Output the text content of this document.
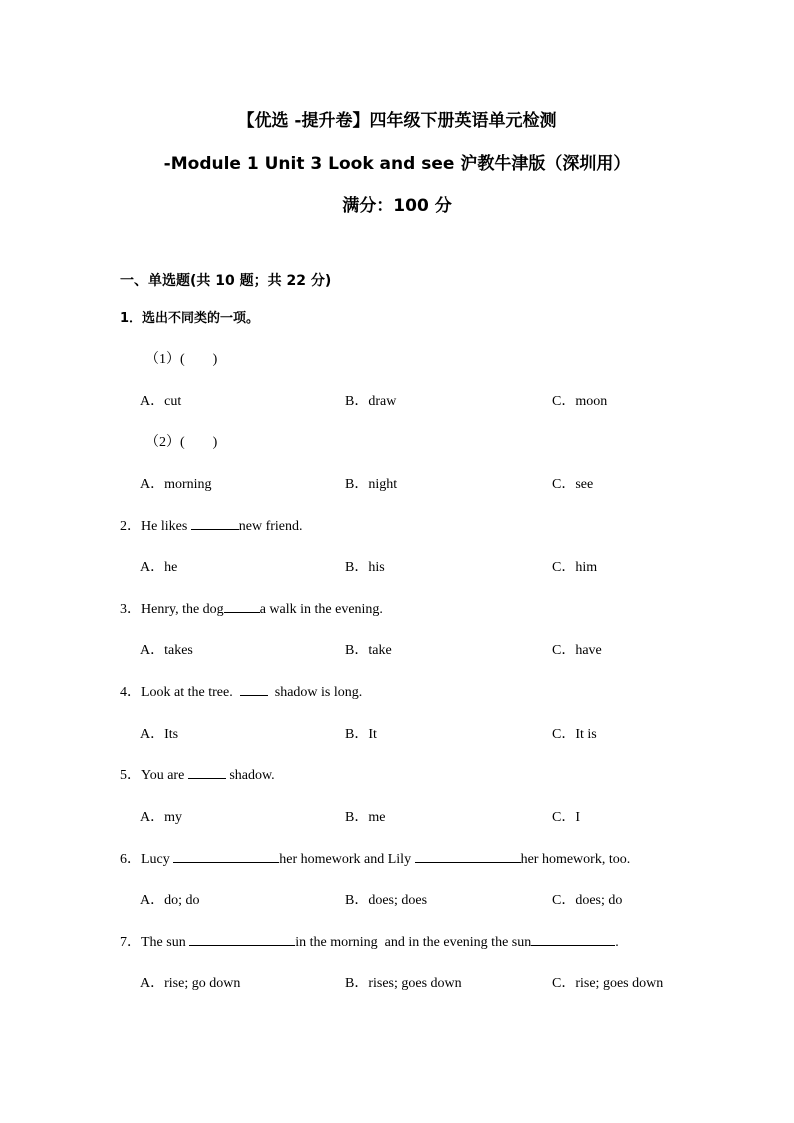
【优选 -提升卷】四年级下册英语单元检测
-Module 1 Unit 3 Look and see 沪教牛津版（深圳用）
满分：100 分
一、单选题(共 10 题；共 22 分)
1．选出不同类的一项。
（1）(　　)
A．cut	B．draw	C．moon
（2）(　　)
A．morning	B．night	C．see
2．He likes	new friend.
A．he	B．his	C．him
3．Henry, the dog	a walk in the evening.
A．takes	B．take	C．have
4．Look at the tree.    shadow is long.
A．Its	B．It	C．It is
5．You are	shadow.
A．my	B．me	C．I
6．Lucy	her homework and Lily	her homework, too.
A．do; do	B．does; does	C．does; do
7．The sun	in the morning  and in the evening the sun	.
A．rise; go down	B．rises; goes down	C．rise; goes down
